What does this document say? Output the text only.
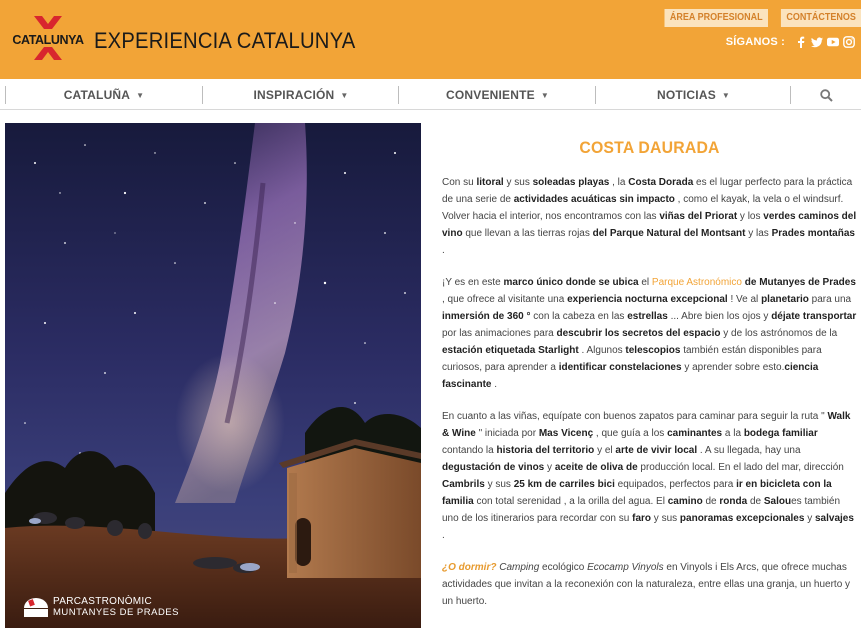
CATALUNYA EXPERIENCIA CATALUNYA
ÁREA PROFESIONAL	CONTÁCTENOS
SÍGANOS :
CATALUÑA ▼	INSPIRACIÓN ▼	CONVENIENTE ▼	NOTICIAS ▼
PARCASTRONÒMIC
MUNTANYES DE PRADES
COSTA DAURADA

Con su litoral y sus soleadas playas , la Costa Dorada es el lugar perfecto para la práctica de una serie de actividades acuáticas sin impacto , como el kayak, la vela o el windsurf. Volver hacia el interior, nos encontramos con las viñas del Priorat y los verdes caminos del vino que llevan a las tierras rojas del Parque Natural del Montsant y las Prades montañas .

¡Y es en este marco único donde se ubica el Parque Astronómico de Mutanyes de Prades , que ofrece al visitante una experiencia nocturna excepcional ! Ve al planetario para una inmersión de 360 ° con la cabeza en las estrellas ... Abre bien los ojos y déjate transportar por las animaciones para descubrir los secretos del espacio y de los astrónomos de la estación etiquetada Starlight . Algunos telescopios también están disponibles para curiosos, para aprender a identificar constelaciones y aprender sobre esto.ciencia fascinante .

En cuanto a las viñas, equípate con buenos zapatos para caminar para seguir la ruta " Walk & Wine " iniciada por Mas Vicenç , que guía a los caminantes a la bodega familiar contando la historia del territorio y el arte de vivir local . A su llegada, hay una degustación de vinos y aceite de oliva de producción local. En el lado del mar, dirección Cambrils y sus 25 km de carriles bici equipados, perfectos para ir en bicicleta con la familia con total serenidad , a la orilla del agua. El camino de ronda de Saloues también uno de los itinerarios para recordar con su faro y sus panoramas excepcionales y salvajes .

¿O dormir? Camping ecológico Ecocamp Vinyols en Vinyols i Els Arcs, que ofrece muchas actividades que invitan a la reconexión con la naturaleza, entre ellas una granja, un huerto y un huerto.
